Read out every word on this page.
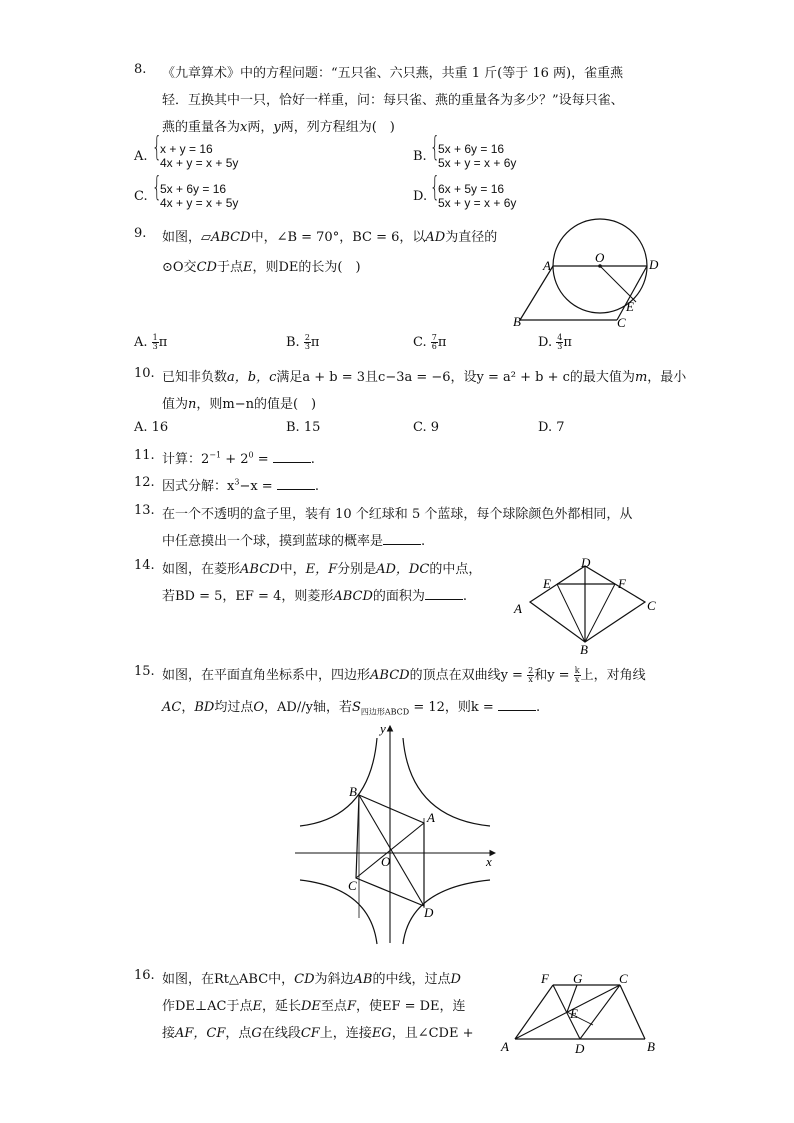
8. 《九章算术》中的方程问题：“五只雀、六只燕，共重 1 斤(等于 16 两)，雀重燕
轻．互换其中一只，恰好一样重，问：每只雀、燕的重量各为多少？”设每只雀、
燕的重量各为x两，y两，列方程组为(　)
A. {
x + y = 16
4x + y = x + 5y	B. {
5x + 6y = 16
5x + y = x + 6y
C. {
5x + 6y = 16
4x + y = x + 5y	D. {
6x + 5y = 16
5x + y = x + 6y
9. 如图，▱ABCD中，∠B = 70°，BC = 6，以AD为直径的
⊙O交CD于点E，则DE的长为(　)
A. $\frac{1}{3}$ π	B. $\frac{2}{3}$ π	C. $\frac{7}{6}$ π	D. $\frac{4}{3}$ π
A
O	D
E
B	C
10. 已知非负数a，b，c满足a + b = 3且c−3a = −6，设y = a² + b + c的最大值为m，最小
值为n，则m−n的值是(　)
A. 16	B. 15	C. 9	D. 7
11. 计算：$2^{-1} + 2^0$ =	.
12. 因式分解：$x^3-x$ =	.
13. 在一个不透明的盒子里，装有 10 个红球和 5 个蓝球，每个球除颜色外都相同，从
中任意摸出一个球，摸到蓝球的概率是	.
14. 如图，在菱形ABCD中，E，F分别是AD，DC的中点，
若BD = 5，EF = 4，则菱形ABCD的面积为	.
D
E	F
A	C
B
15. 如图，在平面直角坐标系中，四边形ABCD的顶点在双曲线$y = \frac{2}{x}$ 和$y = \frac{k}{x}$ 上，对角线
AC，BD均过点O，AD//y轴，若$S_{四边形ABCD} = 12$，则k =	.
y
x
O
A
B
C
D
16. 如图，在Rt△ABC中，CD为斜边AB的中线，过点D
作DE⊥AC于点E，延长DE至点F，使EF = DE，连
接AF，CF，点G在线段CF上，连接EG，且∠CDE +
F G	C
E
A	D	B
